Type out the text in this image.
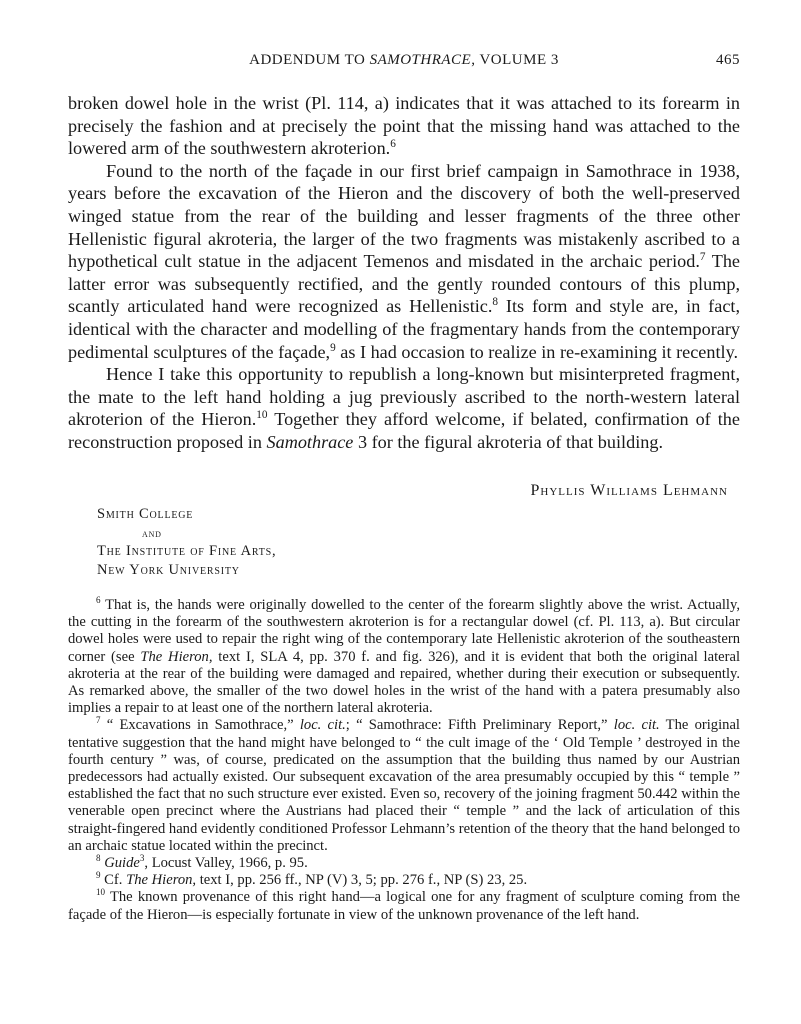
ADDENDUM TO SAMOTHRACE, VOLUME 3	465

broken dowel hole in the wrist (Pl. 114, a) indicates that it was attached to its forearm in precisely the fashion and at precisely the point that the missing hand was attached to the lowered arm of the southwestern akroterion.$^6$

Found to the north of the façade in our first brief campaign in Samothrace in 1938, years before the excavation of the Hieron and the discovery of both the well-preserved winged statue from the rear of the building and lesser fragments of the three other Hellenistic figural akroteria, the larger of the two fragments was mistakenly ascribed to a hypothetical cult statue in the adjacent Temenos and misdated in the archaic period.$^7$ The latter error was subsequently rectified, and the gently rounded contours of this plump, scantly articulated hand were recognized as Hellenistic.$^8$ Its form and style are, in fact, identical with the character and modelling of the fragmentary hands from the contemporary pedimental sculptures of the façade,$^9$ as I had occasion to realize in re-examining it recently.

Hence I take this opportunity to republish a long-known but misinterpreted fragment, the mate to the left hand holding a jug previously ascribed to the north-western lateral akroterion of the Hieron.$^{10}$ Together they afford welcome, if belated, confirmation of the reconstruction proposed in Samothrace 3 for the figural akroteria of that building.

Phyllis Williams Lehmann
Smith College
and
The Institute of Fine Arts,
New York University

$^6$ That is, the hands were originally dowelled to the center of the forearm slightly above the wrist. Actually, the cutting in the forearm of the southwestern akroterion is for a rectangular dowel (cf. Pl. 113, a). But circular dowel holes were used to repair the right wing of the contemporary late Hellenistic akroterion of the southeastern corner (see The Hieron, text I, SLA 4, pp. 370 f. and fig. 326), and it is evident that both the original lateral akroteria at the rear of the building were damaged and repaired, whether during their execution or subsequently. As remarked above, the smaller of the two dowel holes in the wrist of the hand with a patera presumably also implies a repair to at least one of the northern lateral akroteria.

$^7$ “ Excavations in Samothrace,” loc. cit.; “ Samothrace: Fifth Preliminary Report,” loc. cit. The original tentative suggestion that the hand might have belonged to “ the cult image of the ‘ Old Temple ’ destroyed in the fourth century ” was, of course, predicated on the assumption that the building thus named by our Austrian predecessors had actually existed. Our subsequent excavation of the area presumably occupied by this “ temple ” established the fact that no such structure ever existed. Even so, recovery of the joining fragment 50.442 within the venerable open precinct where the Austrians had placed their “ temple ” and the lack of articulation of this straight-fingered hand evidently conditioned Professor Lehmann’s retention of the theory that the hand belonged to an archaic statue located within the precinct.

$^8$ Guide$^3$, Locust Valley, 1966, p. 95.

$^9$ Cf. The Hieron, text I, pp. 256 ff., NP (V) 3, 5; pp. 276 f., NP (S) 23, 25.

$^{10}$ The known provenance of this right hand—a logical one for any fragment of sculpture coming from the façade of the Hieron—is especially fortunate in view of the unknown provenance of the left hand.
